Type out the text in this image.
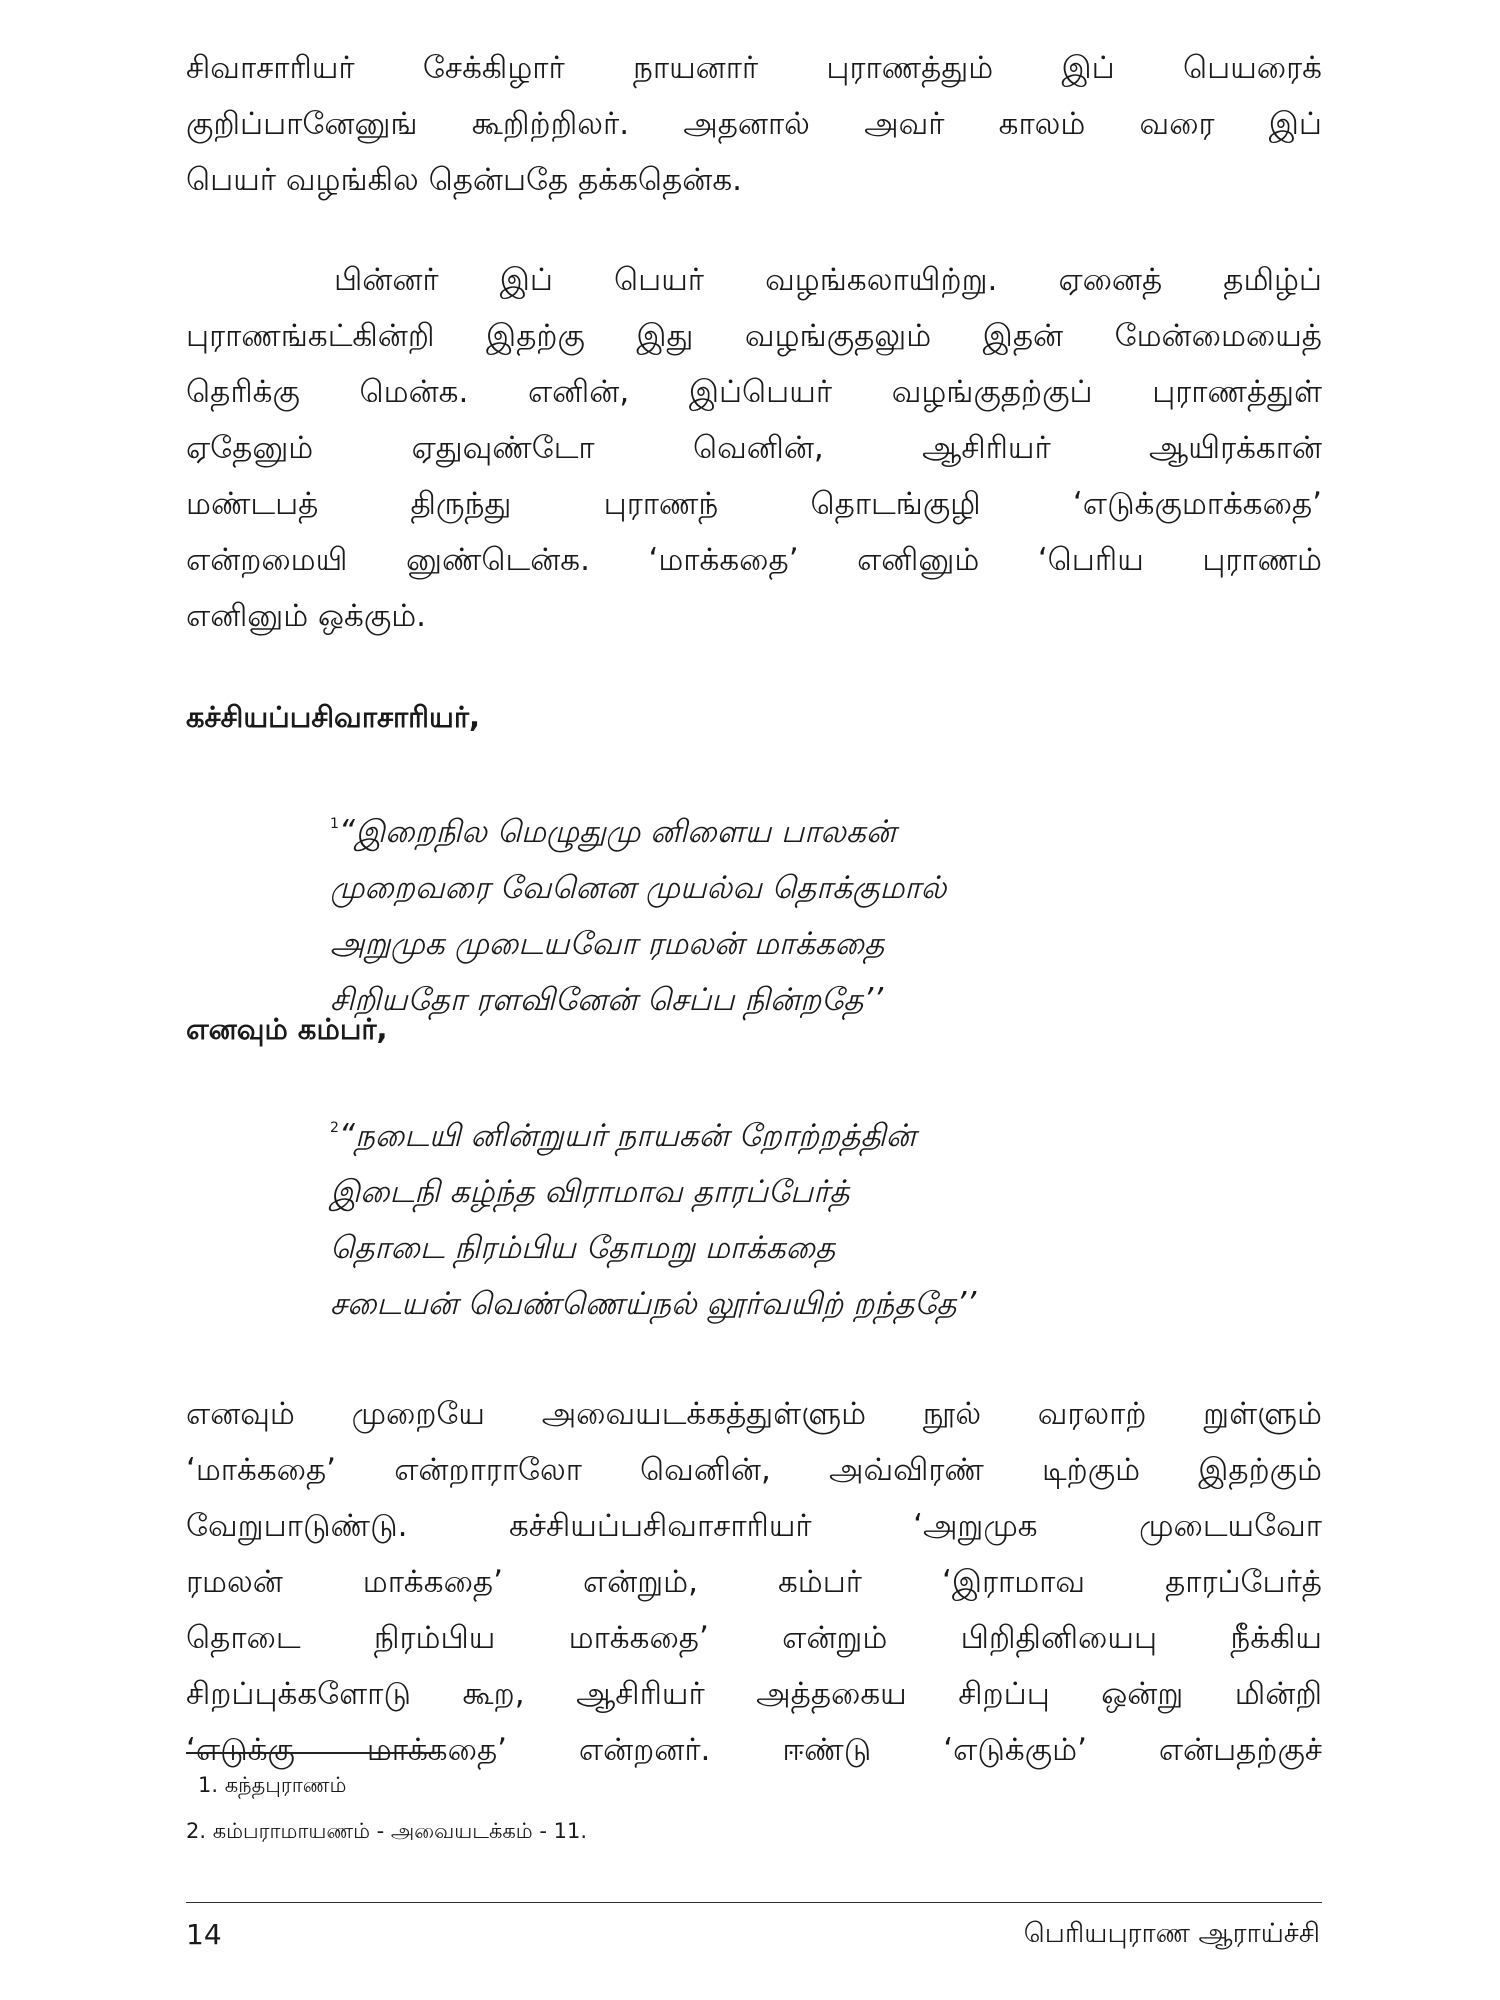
சிவாசாரியர் சேக்கிழார் நாயனார் புராணத்தும் இப் பெயரைக்
குறிப்பானேனுங் கூறிற்றிலர். அதனால் அவர் காலம் வரை இப்
பெயர் வழங்கில தென்பதே தக்கதென்க.

பின்னர் இப் பெயர் வழங்கலாயிற்று. ஏனைத் தமிழ்ப்
புராணங்கட்கின்றி இதற்கு இது வழங்குதலும் இதன் மேன்மையைத்
தெரிக்கு மென்க. எனின், இப்பெயர் வழங்குதற்குப் புராணத்துள்
ஏதேனும் ஏதுவுண்டோ வெனின், ஆசிரியர் ஆயிரக்கான்
மண்டபத் திருந்து புராணந் தொடங்குழி ‘எடுக்குமாக்கதை’
என்றமையி னுண்டென்க. ‘மாக்கதை’ எனினும் ‘பெரிய புராணம்
எனினும் ஒக்கும்.

கச்சியப்பசிவாசாரியர்,

$^1$“இறைநில மெழுதுமு னிளைய பாலகன்
முறைவரை வேனென முயல்வ தொக்குமால்
அறுமுக முடையவோ ரமலன் மாக்கதை
சிறியதோ ரளவினேன் செப்ப நின்றதே’’

எனவும் கம்பர்,

$^2$“நடையி னின்றுயர் நாயகன் றோற்றத்தின்
இடைநி கழ்ந்த விராமாவ தாரப்பேர்த்
தொடை நிரம்பிய தோமறு மாக்கதை
சடையன் வெண்ணெய்நல் லூர்வயிற் றந்ததே’’

எனவும் முறையே அவையடக்கத்துள்ளும் நூல் வரலாற் றுள்ளும்
‘மாக்கதை’ என்றாராலோ வெனின், அவ்விரண் டிற்கும் இதற்கும்
வேறுபாடுண்டு. கச்சியப்பசிவாசாரியர் ‘அறுமுக முடையவோ
ரமலன் மாக்கதை’ என்றும், கம்பர் ‘இராமாவ தாரப்பேர்த்
தொடை நிரம்பிய மாக்கதை’ என்றும் பிறிதினியைபு நீக்கிய
சிறப்புக்களோடு கூற, ஆசிரியர் அத்தகைய சிறப்பு ஒன்று மின்றி
‘எடுக்கு மாக்கதை’ என்றனர். ஈண்டு ‘எடுக்கும்’ என்பதற்குச்

1. கந்தபுராணம்
2. கம்பராமாயணம் - அவையடக்கம் - 11.
14	பெரியபுராண ஆராய்ச்சி
